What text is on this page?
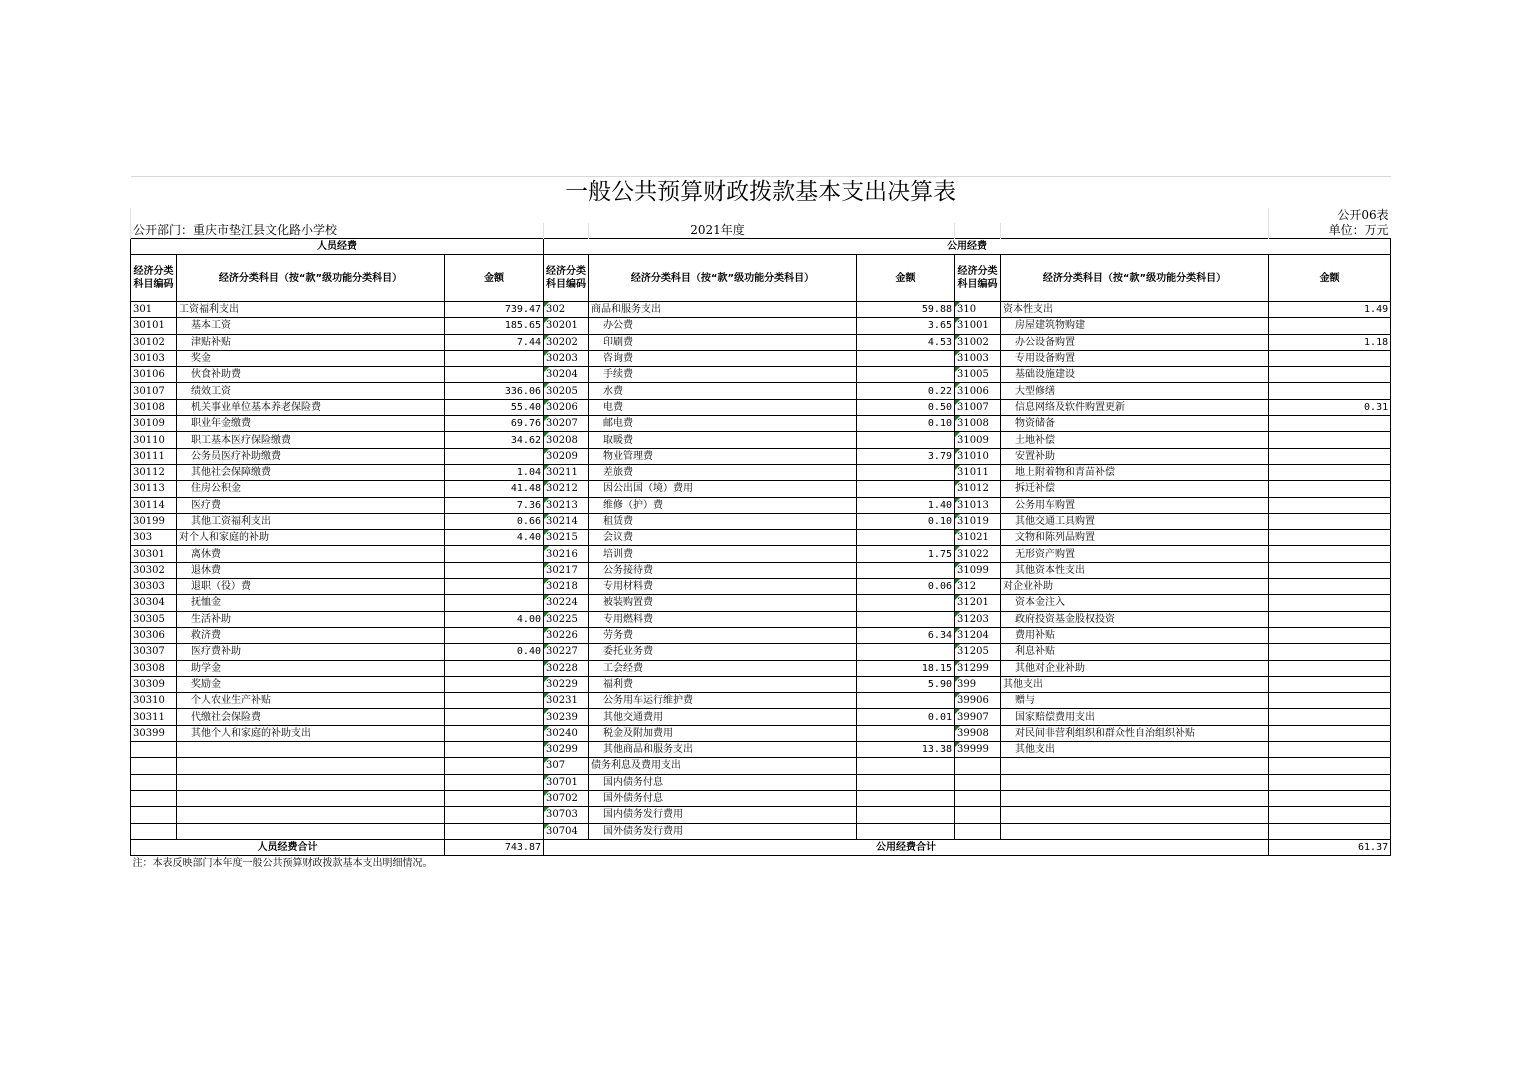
一般公共预算财政拨款基本支出决算表								
								公开06表
公开部门：重庆市垫江县文化路小学校				2021年度				单位：万元
人员经费			公用经费					
经济分类科目编码	经济分类科目（按“款”级功能分类科目）	金额	经济分类科目编码	经济分类科目（按“款”级功能分类科目）	金额	经济分类科目编码	经济分类科目（按“款”级功能分类科目）	金额
301	工资福利支出	739.47	302	商品和服务支出	59.88	310	资本性支出	1.49
30101	基本工资	185.65	30201	办公费	3.65	31001	房屋建筑物购建	
30102	津贴补贴	7.44	30202	印刷费	4.53	31002	办公设备购置	1.18
30103	奖金		30203	咨询费		31003	专用设备购置	
30106	伙食补助费		30204	手续费		31005	基础设施建设	
30107	绩效工资	336.06	30205	水费	0.22	31006	大型修缮	
30108	机关事业单位基本养老保险费	55.40	30206	电费	0.50	31007	信息网络及软件购置更新	0.31
30109	职业年金缴费	69.76	30207	邮电费	0.10	31008	物资储备	
30110	职工基本医疗保险缴费	34.62	30208	取暖费		31009	土地补偿	
30111	公务员医疗补助缴费		30209	物业管理费	3.79	31010	安置补助	
30112	其他社会保障缴费	1.04	30211	差旅费		31011	地上附着物和青苗补偿	
30113	住房公积金	41.48	30212	因公出国（境）费用		31012	拆迁补偿	
30114	医疗费	7.36	30213	维修（护）费	1.40	31013	公务用车购置	
30199	其他工资福利支出	0.66	30214	租赁费	0.10	31019	其他交通工具购置	
303	对个人和家庭的补助	4.40	30215	会议费		31021	文物和陈列品购置	
30301	离休费		30216	培训费	1.75	31022	无形资产购置	
30302	退休费		30217	公务接待费		31099	其他资本性支出	
30303	退职（役）费		30218	专用材料费	0.06	312	对企业补助	
30304	抚恤金		30224	被装购置费		31201	资本金注入	
30305	生活补助	4.00	30225	专用燃料费		31203	政府投资基金股权投资	
30306	救济费		30226	劳务费	6.34	31204	费用补贴	
30307	医疗费补助	0.40	30227	委托业务费		31205	利息补贴	
30308	助学金		30228	工会经费	18.15	31299	其他对企业补助	
30309	奖励金		30229	福利费	5.90	399	其他支出	
30310	个人农业生产补贴		30231	公务用车运行维护费		39906	赠与	
30311	代缴社会保险费		30239	其他交通费用	0.01	39907	国家赔偿费用支出	
30399	其他个人和家庭的补助支出		30240	税金及附加费用		39908	对民间非营利组织和群众性自治组织补贴	
			30299	其他商品和服务支出	13.38	39999	其他支出	
			307	债务利息及费用支出				
			30701	国内债务付息				
			30702	国外债务付息				
			30703	国内债务发行费用				
			30704	国外债务发行费用				
人员经费合计		743.87	公用经费合计					61.37
注：本表反映部门本年度一般公共预算财政拨款基本支出明细情况。								
